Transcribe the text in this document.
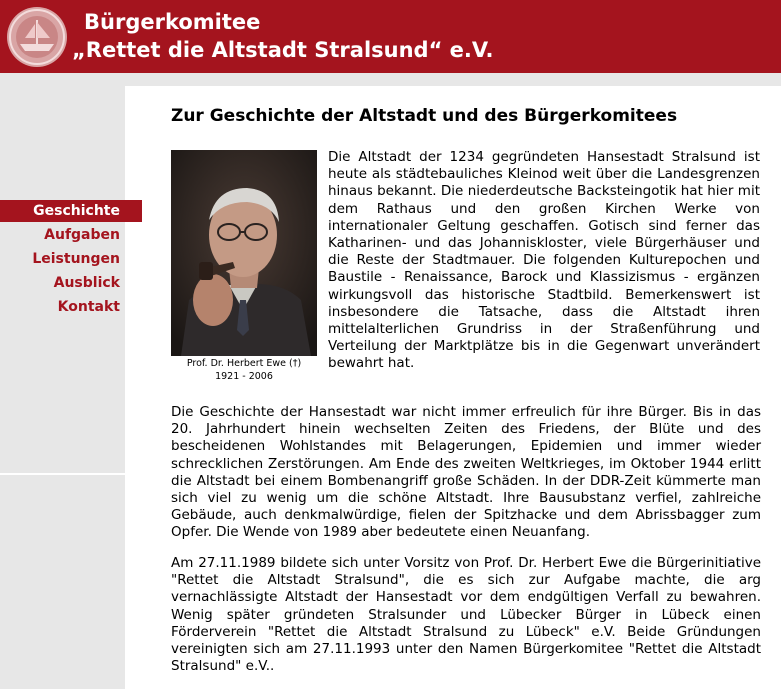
Bürgerkomitee
„Rettet die Altstadt Stralsund“ e.V.
Geschichte
Aufgaben
Leistungen
Ausblick
Kontakt
Zur Geschichte der Altstadt und des Bürgerkomitees
Prof. Dr. Herbert Ewe (†)
1921 - 2006

Die Altstadt der 1234 gegründeten Hansestadt Stralsund ist heute als städtebauliches Kleinod weit über die Landesgrenzen hinaus bekannt. Die niederdeutsche Backsteingotik hat hier mit dem Rathaus und den großen Kirchen Werke von internationaler Geltung geschaffen. Gotisch sind ferner das Katharinen- und das Johanniskloster, viele Bürgerhäuser und die Reste der Stadtmauer. Die folgenden Kulturepochen und Baustile - Renaissance, Barock und Klassizismus - ergänzen wirkungsvoll das historische Stadtbild. Bemerkenswert ist insbesondere die Tatsache, dass die Altstadt ihren mittelalterlichen Grundriss in der Straßenführung und Verteilung der Marktplätze bis in die Gegenwart unverändert bewahrt hat.

Die Geschichte der Hansestadt war nicht immer erfreulich für ihre Bürger. Bis in das 20. Jahrhundert hinein wechselten Zeiten des Friedens, der Blüte und des bescheidenen Wohlstandes mit Belagerungen, Epidemien und immer wieder schrecklichen Zerstörungen. Am Ende des zweiten Weltkrieges, im Oktober 1944 erlitt die Altstadt bei einem Bombenangriff große Schäden. In der DDR-Zeit kümmerte man sich viel zu wenig um die schöne Altstadt. Ihre Bausubstanz verfiel, zahlreiche Gebäude, auch denkmalwürdige, fielen der Spitzhacke und dem Abrissbagger zum Opfer. Die Wende von 1989 aber bedeutete einen Neuanfang.

Am 27.11.1989 bildete sich unter Vorsitz von Prof. Dr. Herbert Ewe die Bürgerinitiative "Rettet die Altstadt Stralsund", die es sich zur Aufgabe machte, die arg vernachlässigte Altstadt der Hansestadt vor dem endgültigen Verfall zu bewahren. Wenig später gründeten Stralsunder und Lübecker Bürger in Lübeck einen Förderverein "Rettet die Altstadt Stralsund zu Lübeck" e.V. Beide Gründungen vereinigten sich am 27.11.1993 unter den Namen Bürgerkomitee "Rettet die Altstadt Stralsund" e.V..
